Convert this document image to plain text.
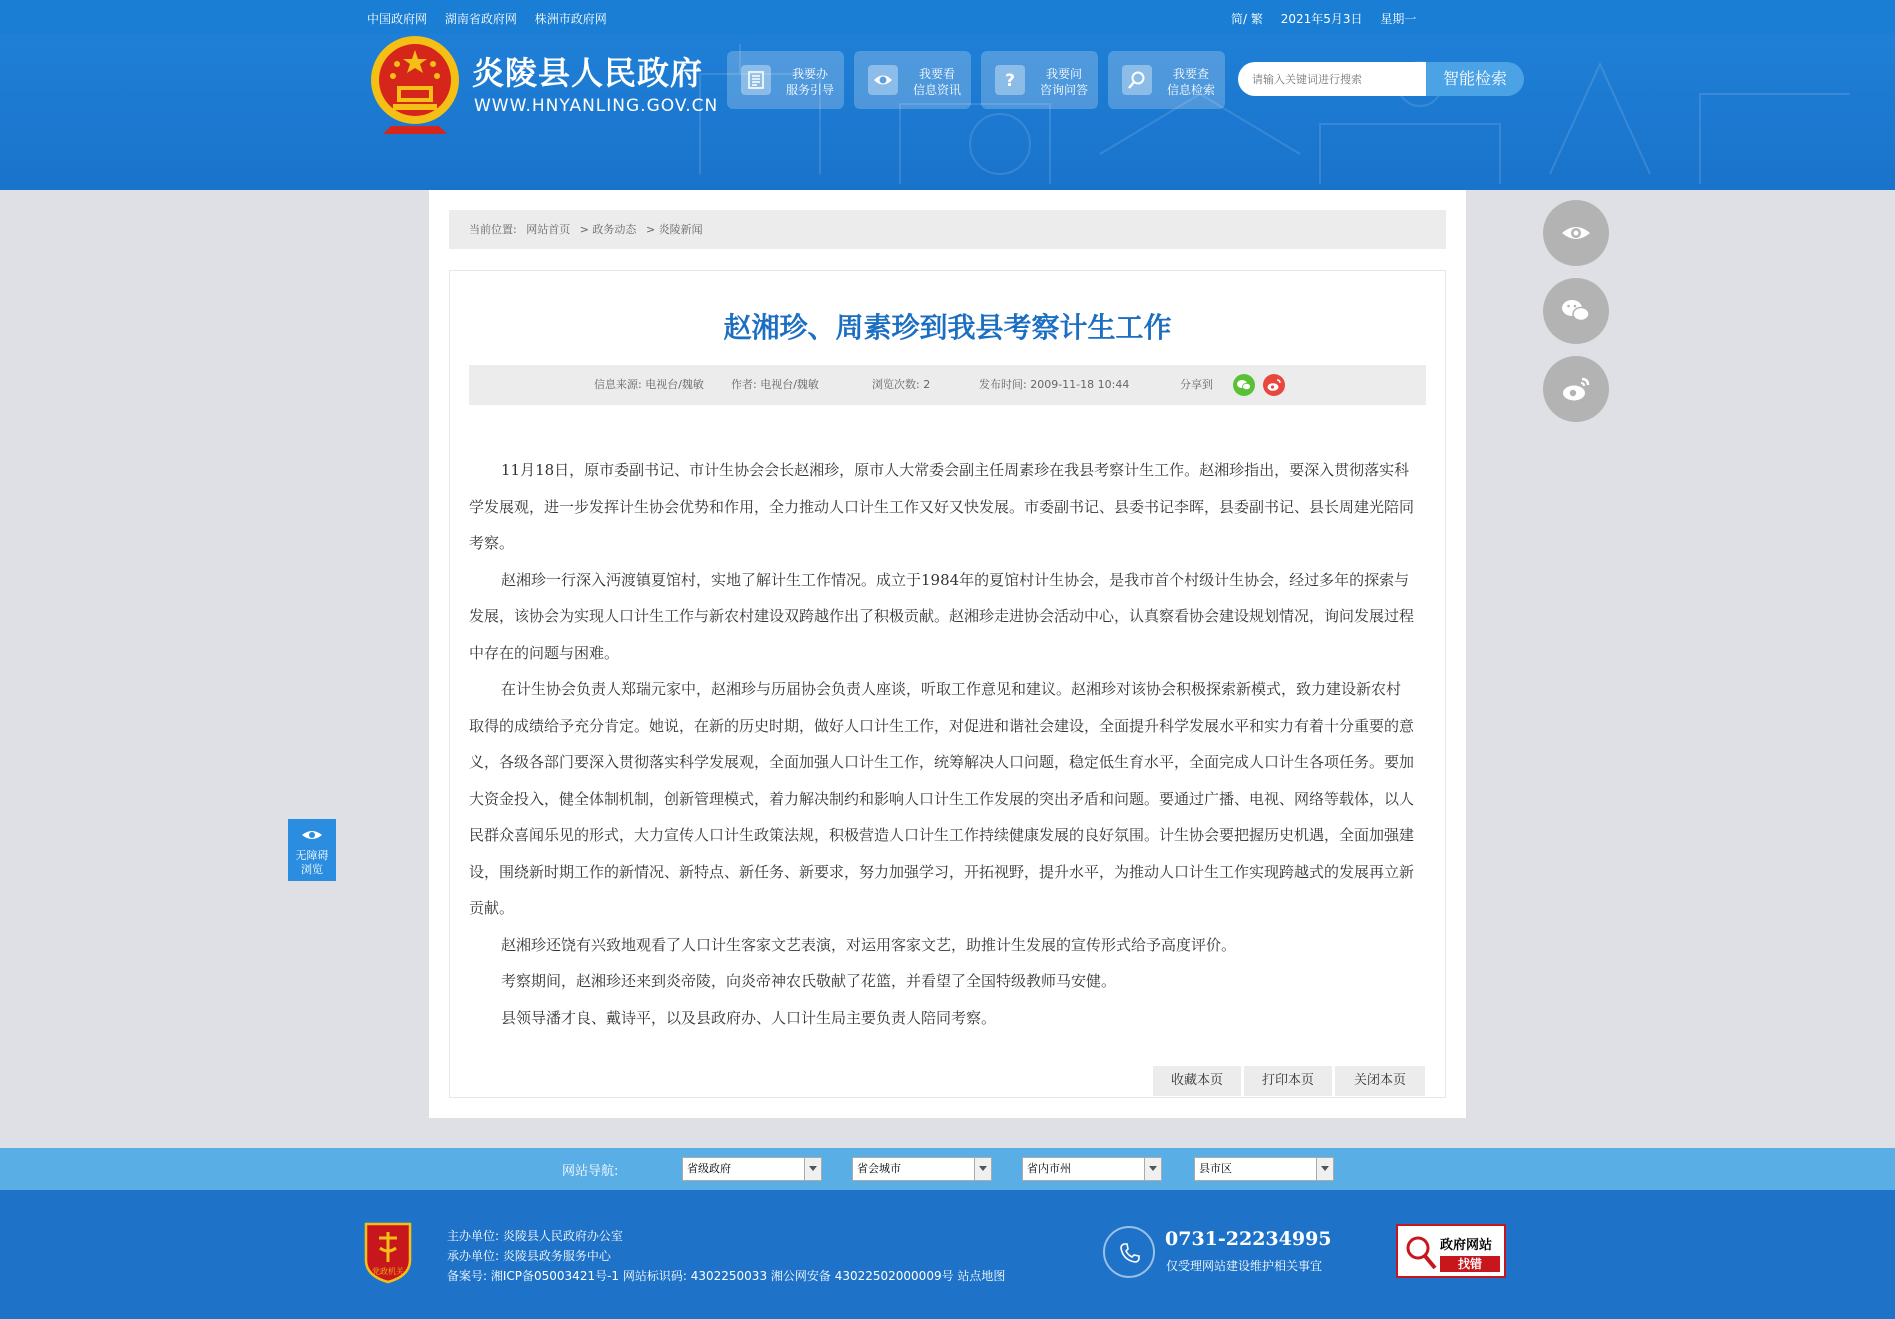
中国政府网 湖南省政府网 株洲市政府网	简/ 繁 2021年5月3日 星期一
炎陵县人民政府
WWW.HNYANLING.GOV.CN
我要办
服务引导
我要看
信息资讯	?	我要问
咨询问答
我要查
信息检索
请输入关键词进行搜索
智能检索
当前位置: 网站首页 > 政务动态 > 炎陵新闻
赵湘珍、周素珍到我县考察计生工作
信息来源: 电视台/魏敏 作者: 电视台/魏敏	浏览次数: 2	发布时间: 2009-11-18 10:44	分享到

11月18日，原市委副书记、市计生协会会长赵湘珍，原市人大常委会副主任周素珍在我县考察计生工作。赵湘珍指出，要深入贯彻落实科学发展观，进一步发挥计生协会优势和作用，全力推动人口计生工作又好又快发展。市委副书记、县委书记李晖，县委副书记、县长周建光陪同考察。

赵湘珍一行深入沔渡镇夏馆村，实地了解计生工作情况。成立于1984年的夏馆村计生协会，是我市首个村级计生协会，经过多年的探索与发展，该协会为实现人口计生工作与新农村建设双跨越作出了积极贡献。赵湘珍走进协会活动中心，认真察看协会建设规划情况，询问发展过程中存在的问题与困难。

在计生协会负责人郑瑞元家中，赵湘珍与历届协会负责人座谈，听取工作意见和建议。赵湘珍对该协会积极探索新模式，致力建设新农村取得的成绩给予充分肯定。她说，在新的历史时期，做好人口计生工作，对促进和谐社会建设，全面提升科学发展水平和实力有着十分重要的意义，各级各部门要深入贯彻落实科学发展观，全面加强人口计生工作，统筹解决人口问题，稳定低生育水平，全面完成人口计生各项任务。要加大资金投入，健全体制机制，创新管理模式，着力解决制约和影响人口计生工作发展的突出矛盾和问题。要通过广播、电视、网络等载体，以人民群众喜闻乐见的形式，大力宣传人口计生政策法规，积极营造人口计生工作持续健康发展的良好氛围。计生协会要把握历史机遇，全面加强建设，围绕新时期工作的新情况、新特点、新任务、新要求，努力加强学习，开拓视野，提升水平，为推动人口计生工作实现跨越式的发展再立新贡献。

赵湘珍还饶有兴致地观看了人口计生客家文艺表演，对运用客家文艺，助推计生发展的宣传形式给予高度评价。

考察期间，赵湘珍还来到炎帝陵，向炎帝神农氏敬献了花篮，并看望了全国特级教师马安健。

县领导潘才良、戴诗平，以及县政府办、人口计生局主要负责人陪同考察。

收藏本页	打印本页	关闭本页
无障碍
浏览
网站导航:	省级政府	省会城市	省内市州	县市区
党政机关
主办单位: 炎陵县人民政府办公室
承办单位: 炎陵县政务服务中心
备案号: 湘ICP备05003421号-1 网站标识码: 4302250033 湘公网安备 43022502000009号 站点地图
0731-22234995
仅受理网站建设维护相关事宜
政府网站
找错
